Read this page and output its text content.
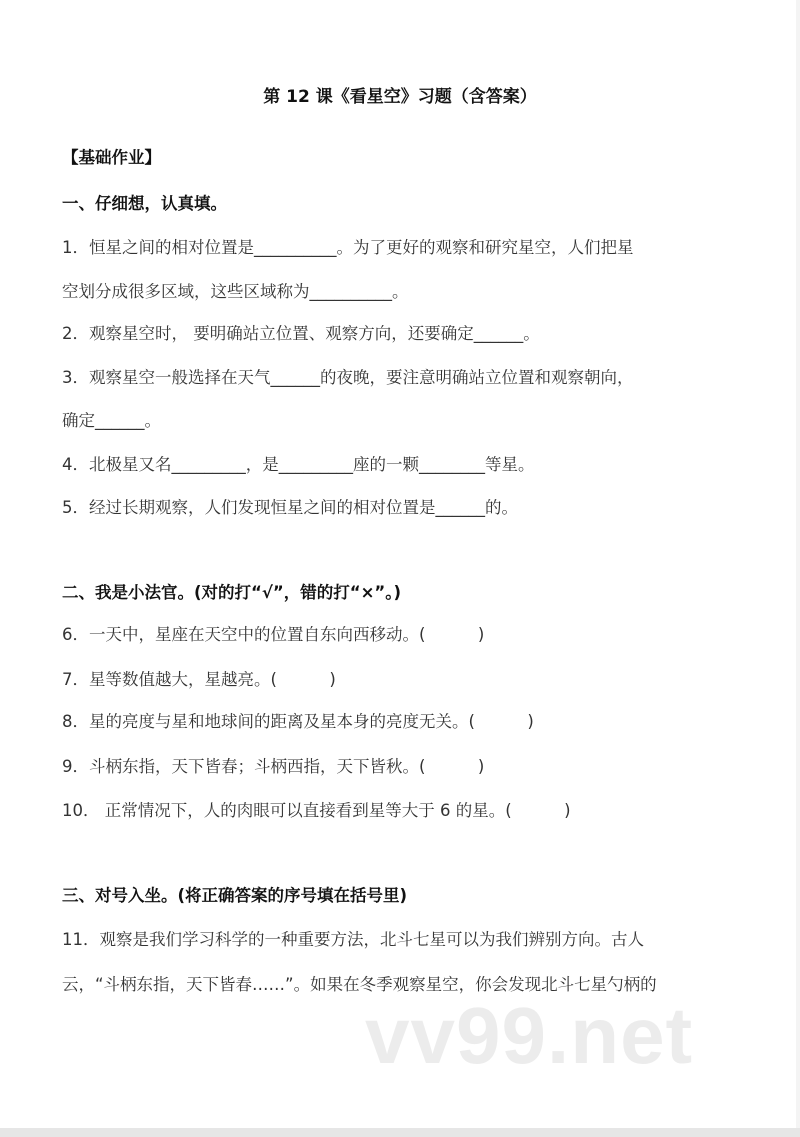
第 12 课《看星空》习题（含答案）
【基础作业】
一、仔细想，认真填。
1．恒星之间的相对位置是__________。为了更好的观察和研究星空，人们把星
空划分成很多区域，这些区域称为__________。
2．观察星空时， 要明确站立位置、观察方向，还要确定______。
3．观察星空一般选择在天气______的夜晚，要注意明确站立位置和观察朝向，
确定______。
4．北极星又名_________，是_________座的一颗________等星。
5．经过长期观察，人们发现恒星之间的相对位置是______的。
二、我是小法官。(对的打“√”，错的打“×”。)
6．一天中，星座在天空中的位置自东向西移动。(          )
7．星等数值越大，星越亮。(          )
8．星的亮度与星和地球间的距离及星本身的亮度无关。(          )
9．斗柄东指，天下皆春；斗柄西指，天下皆秋。(          )
10． 正常情况下，人的肉眼可以直接看到星等大于 6 的星。(          )
三、对号入坐。(将正确答案的序号填在括号里)
11．观察是我们学习科学的一种重要方法，北斗七星可以为我们辨别方向。古人
云，“斗柄东指，天下皆春……”。如果在冬季观察星空，你会发现北斗七星勺柄的
vv99.net
